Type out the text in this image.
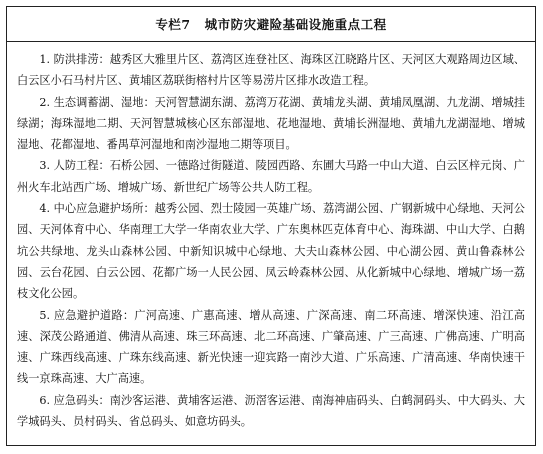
专栏7 城市防灾避险基础设施重点工程

1. 防洪排涝：越秀区大雅里片区、荔湾区连登社区、海珠区江晓路片区、天河区大观路周边区域、白云区小石马村片区、黄埔区荔联街榕村片区等易涝片区排水改造工程。

2. 生态调蓄湖、湿地：天河智慧湖东湖、荔湾万花湖、黄埔龙头湖、黄埔凤凰湖、九龙湖、增城挂绿湖；海珠湿地二期、天河智慧城核心区东部湿地、花地湿地、黄埔长洲湿地、黄埔九龙湖湿地、增城湿地、花都湿地、番禺草河湿地和南沙湿地二期等项目。

3. 人防工程：石桥公园、一德路过街隧道、陵园西路、东圃大马路一中山大道、白云区梓元岗、广州火车北站西广场、增城广场、新世纪广场等公共人防工程。

4. 中心应急避护场所：越秀公园、烈士陵园一英雄广场、荔湾湖公园、广钢新城中心绿地、天河公园、天河体育中心、华南理工大学一华南农业大学、广东奥林匹克体育中心、海珠湖、中山大学、白鹅坑公共绿地、龙头山森林公园、中新知识城中心绿地、大夫山森林公园、中心湖公园、黄山鲁森林公园、云台花园、白云公园、花都广场一人民公园、凤云岭森林公园、从化新城中心绿地、增城广场一荔枝文化公园。

5. 应急避护道路：广河高速、广惠高速、增从高速、广深高速、南二环高速、增深快速、沿江高速、深茂公路通道、佛清从高速、珠三环高速、北二环高速、广肇高速、广三高速、广佛高速、广明高速、广珠西线高速、广珠东线高速、新光快速一迎宾路一南沙大道、广乐高速、广清高速、华南快速干线一京珠高速、大广高速。

6. 应急码头：南沙客运港、黄埔客运港、沥滘客运港、南海神庙码头、白鹤洞码头、中大码头、大学城码头、员村码头、省总码头、如意坊码头。
